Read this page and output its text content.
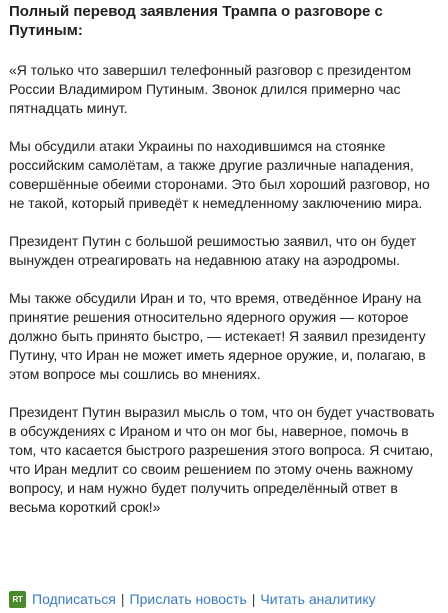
Полный перевод заявления Трампа о разговоре с Путиным:
«Я только что завершил телефонный разговор с президентом России Владимиром Путиным. Звонок длился примерно час пятнадцать минут.
Мы обсудили атаки Украины по находившимся на стоянке российским самолётам, а также другие различные нападения, совершённые обеими сторонами. Это был хороший разговор, но не такой, который приведёт к немедленному заключению мира.
Президент Путин с большой решимостью заявил, что он будет вынужден отреагировать на недавнюю атаку на аэродромы.
Мы также обсудили Иран и то, что время, отведённое Ирану на принятие решения относительно ядерного оружия — которое должно быть принято быстро, — истекает! Я заявил президенту Путину, что Иран не может иметь ядерное оружие, и, полагаю, в этом вопросе мы сошлись во мнениях.
Президент Путин выразил мысль о том, что он будет участвовать в обсуждениях с Ираном и что он мог бы, наверное, помочь в том, что касается быстрого разрешения этого вопроса. Я считаю, что Иран медлит со своим решением по этому очень важному вопросу, и нам нужно будет получить определённый ответ в весьма короткий срок!»
RT Подписаться | Прислать новость | Читать аналитику
